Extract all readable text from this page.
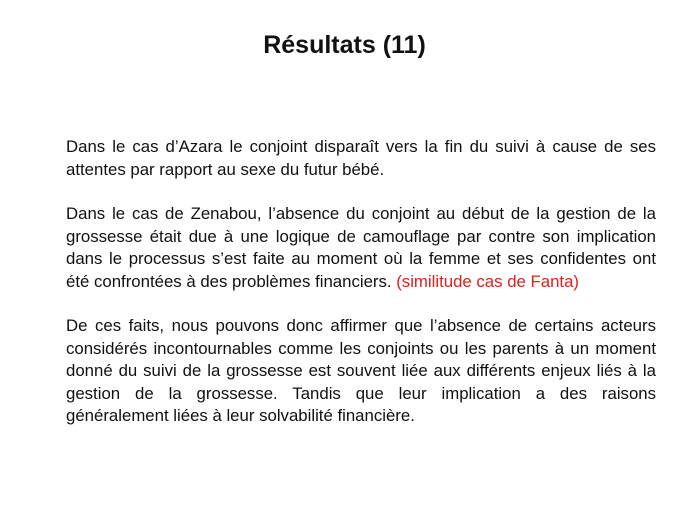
Résultats (11)

Dans le cas d’Azara le conjoint disparaît vers la fin du suivi à cause de ses attentes par rapport au sexe du futur bébé.

Dans le cas de Zenabou, l’absence du conjoint au début de la gestion de la grossesse était due à une logique de camouflage par contre son implication dans le processus s’est faite au moment où la femme et ses confidentes ont été confrontées à des problèmes financiers. (similitude cas de Fanta)

De ces faits, nous pouvons donc affirmer que l’absence de certains acteurs considérés incontournables comme les conjoints ou les parents à un moment donné du suivi de la grossesse est souvent liée aux différents enjeux liés à la gestion de la grossesse. Tandis que leur implication a des raisons généralement liées à leur solvabilité financière.
